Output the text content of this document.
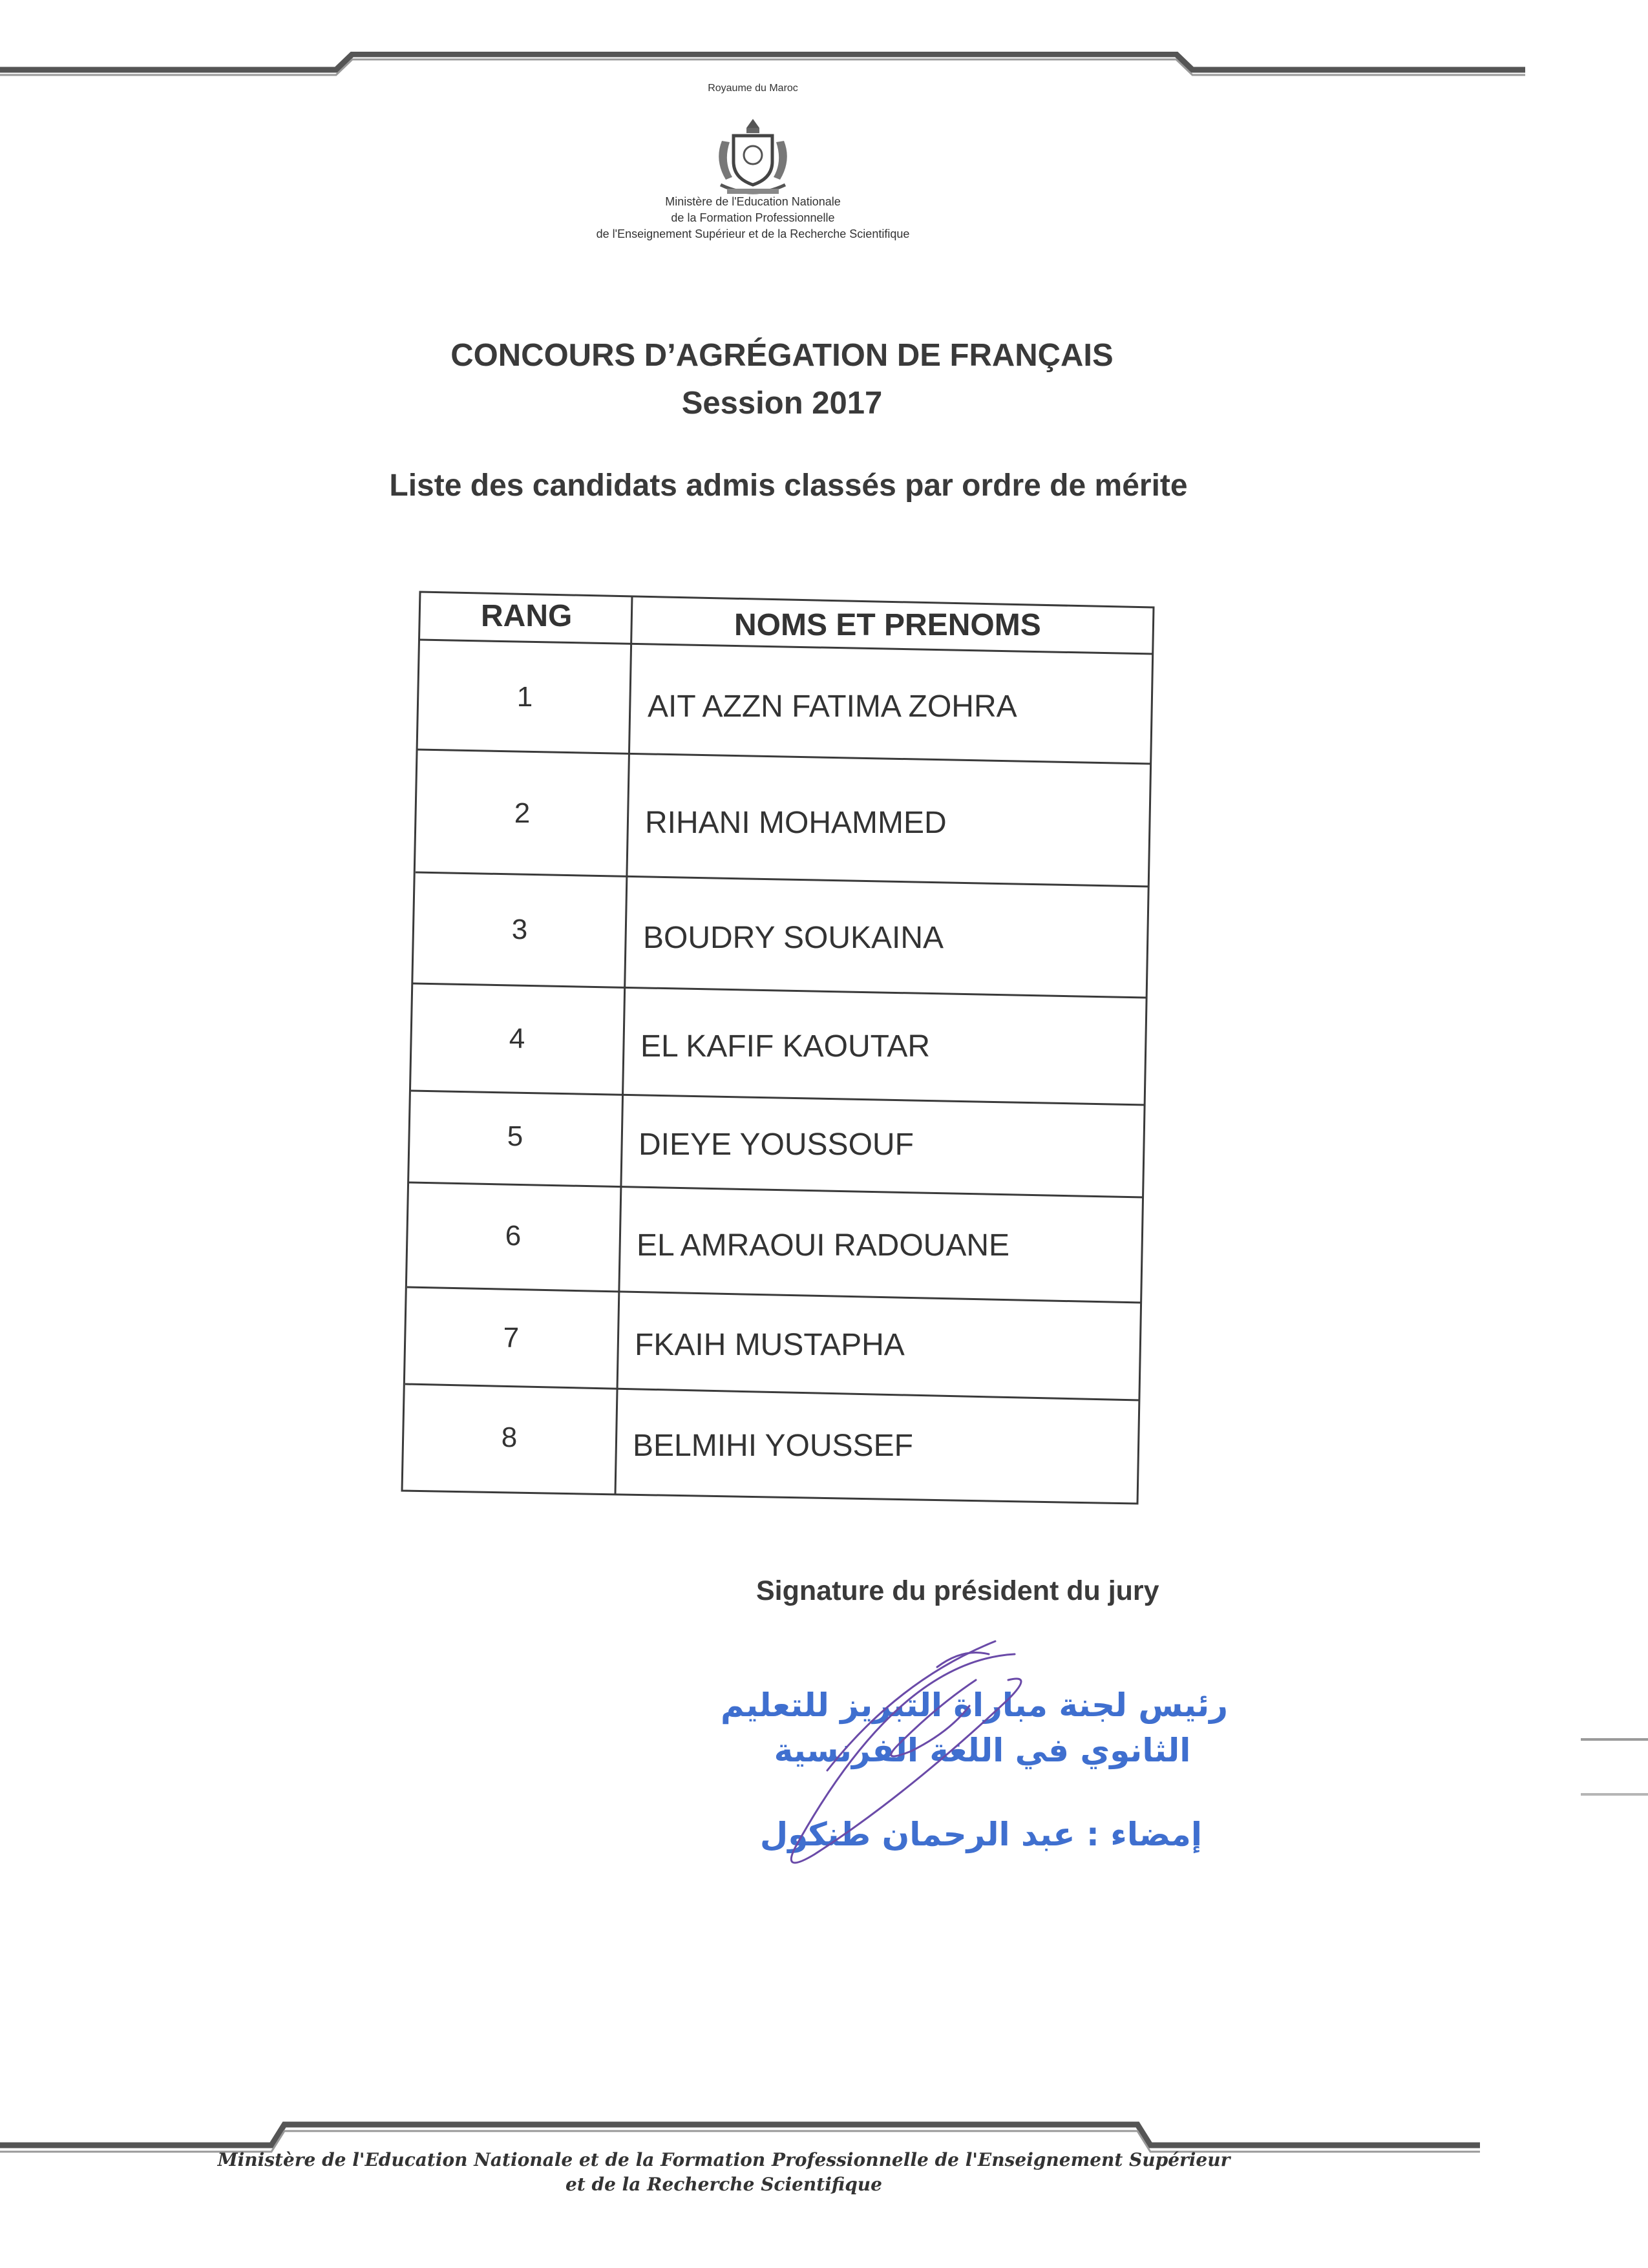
Royaume du Maroc
Ministère de l'Education Nationale
de la Formation Professionnelle
de l'Enseignement Supérieur et de la Recherche Scientifique
CONCOURS D’AGRÉGATION DE FRANÇAIS
Session 2017
Liste des candidats admis classés par ordre de mérite
RANG	NOMS ET PRENOMS
1	AIT AZZN FATIMA ZOHRA
2	RIHANI MOHAMMED
3	BOUDRY SOUKAINA
4	EL KAFIF KAOUTAR
5	DIEYE YOUSSOUF
6	EL AMRAOUI RADOUANE
7	FKAIH MUSTAPHA
8	BELMIHI YOUSSEF
Signature du président du jury
رئيس لجنة مباراة التبريز للتعليم
الثانوي في اللغة الفرنسية
إمضاء : عبد الرحمان طنكول
Ministère de l'Education Nationale et de la Formation Professionnelle de l'Enseignement Supérieur
et de la Recherche Scientifique
